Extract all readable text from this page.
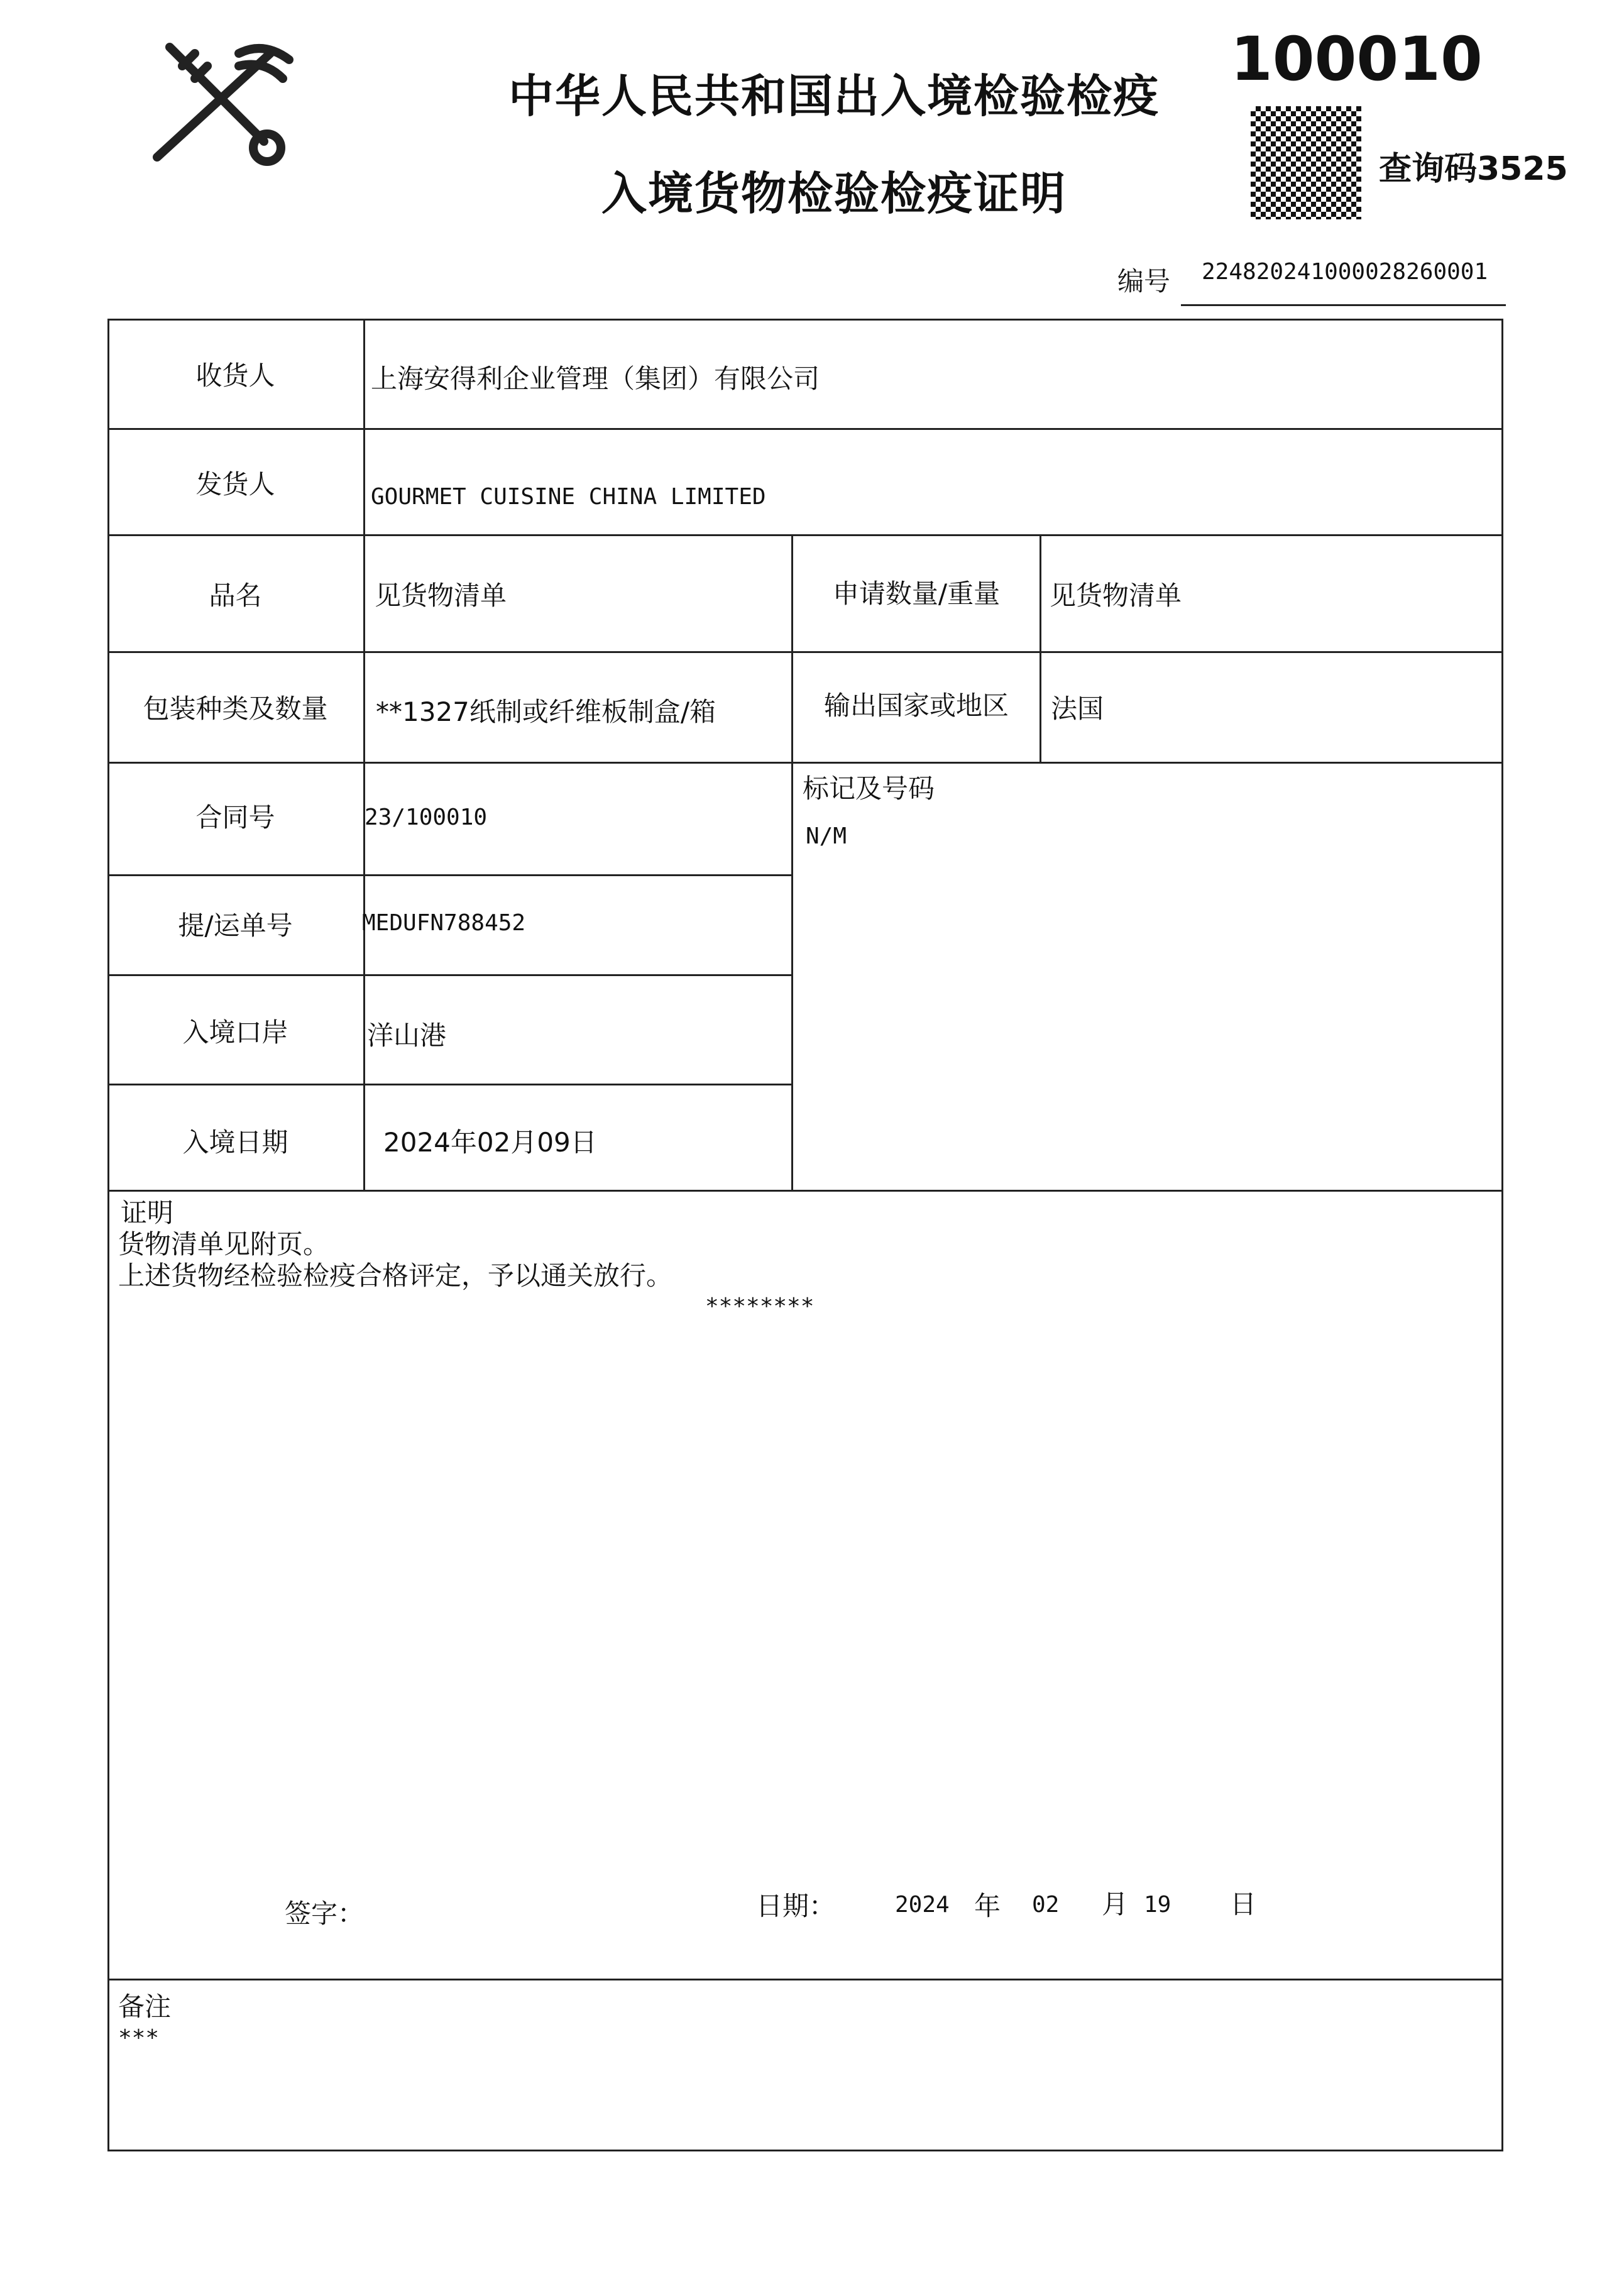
中华人民共和国出入境检验检疫
入境货物检验检疫证明
100010
查询码3525
编号 224820241000028260001
收货人	上海安得利企业管理（集团）有限公司
发货人	GOURMET CUISINE CHINA LIMITED
品名	见货物清单	申请数量/重量	见货物清单
包装种类及数量	**1327纸制或纤维板制盒/箱	输出国家或地区	法国
合同号	23/100010
标记及号码
N/M
提/运单号	MEDUFN788452
入境口岸	洋山港
入境日期	2024年02月09日
证明
货物清单见附页。
上述货物经检验检疫合格评定，予以通关放行。
********
签字：	日期：	2024 年 02 月 19 日
备注
***
